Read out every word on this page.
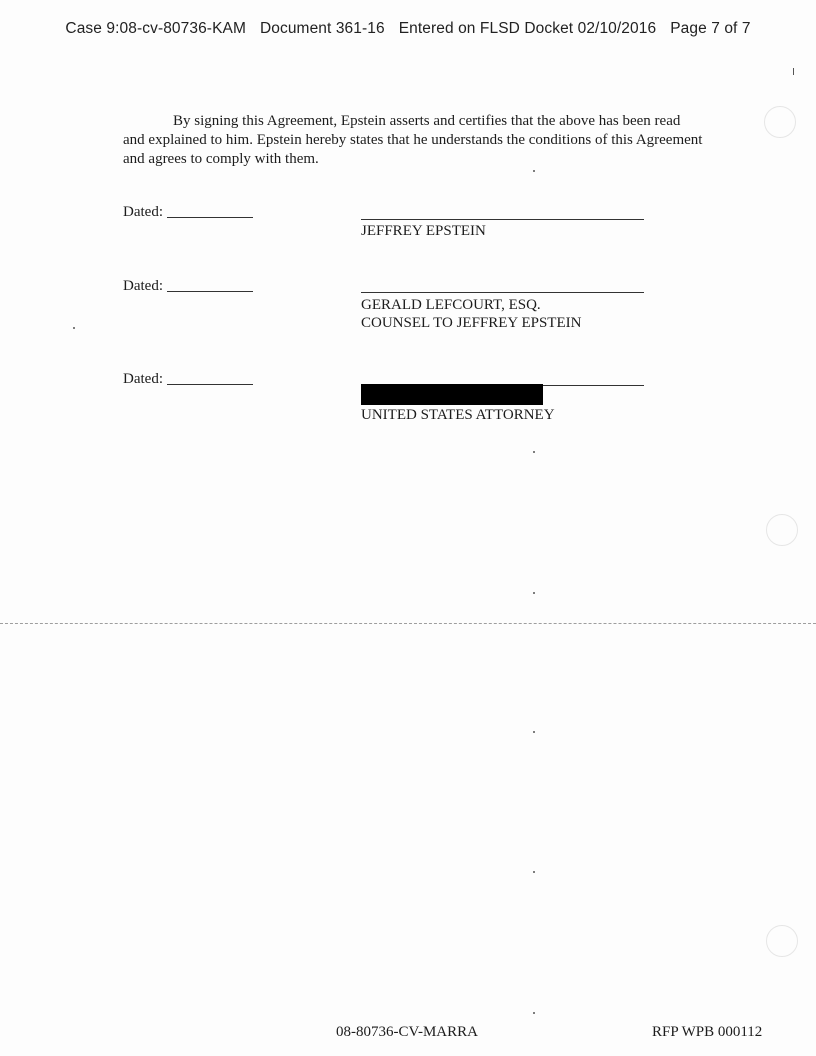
Case 9:08-cv-80736-KAM Document 361-16 Entered on FLSD Docket 02/10/2016 Page 7 of 7

By signing this Agreement, Epstein asserts and certifies that the above has been read and explained to him. Epstein hereby states that he understands the conditions of this Agreement and agrees to comply with them.

Dated:
JEFFREY EPSTEIN
Dated:
GERALD LEFCOURT, ESQ.
COUNSEL TO JEFFREY EPSTEIN
Dated:
UNITED STATES ATTORNEY
08-80736-CV-MARRA	RFP WPB 000112
